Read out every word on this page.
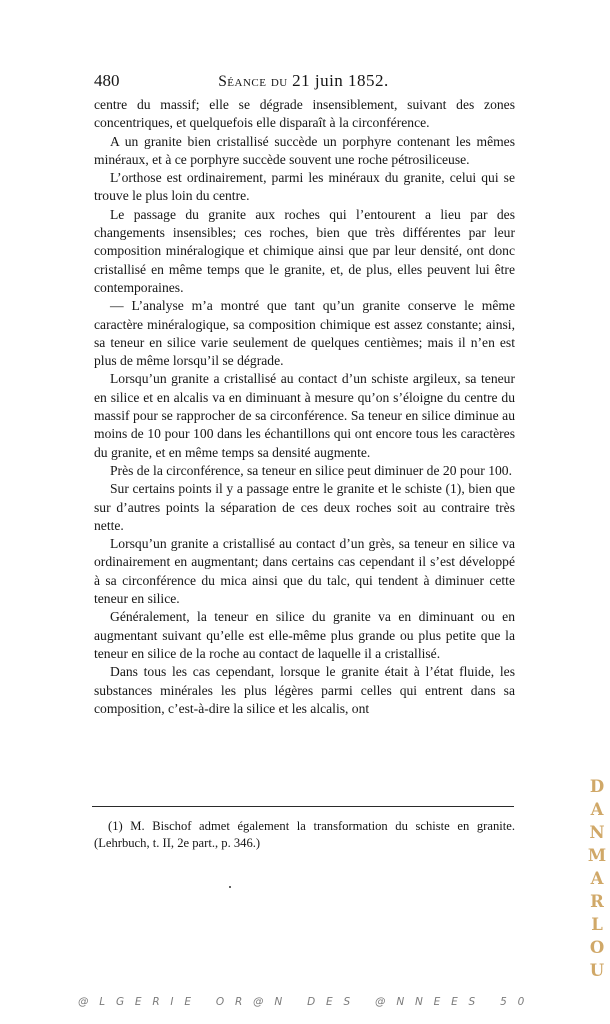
480	Séance du 21 juin 1852.

centre du massif; elle se dégrade insensiblement, suivant des zones concentriques, et quelquefois elle disparaît à la circonférence.

A un granite bien cristallisé succède un porphyre contenant les mêmes minéraux, et à ce porphyre succède souvent une roche pétrosiliceuse.

L’orthose est ordinairement, parmi les minéraux du granite, celui qui se trouve le plus loin du centre.

Le passage du granite aux roches qui l’entourent a lieu par des changements insensibles; ces roches, bien que très différentes par leur composition minéralogique et chimique ainsi que par leur densité, ont donc cristallisé en même temps que le granite, et, de plus, elles peuvent lui être contemporaines.

— L’analyse m’a montré que tant qu’un granite conserve le même caractère minéralogique, sa composition chimique est assez constante; ainsi, sa teneur en silice varie seulement de quelques centièmes; mais il n’en est plus de même lorsqu’il se dégrade.

Lorsqu’un granite a cristallisé au contact d’un schiste argileux, sa teneur en silice et en alcalis va en diminuant à mesure qu’on s’éloigne du centre du massif pour se rapprocher de sa circonférence. Sa teneur en silice diminue au moins de 10 pour 100 dans les échantillons qui ont encore tous les caractères du granite, et en même temps sa densité augmente.

Près de la circonférence, sa teneur en silice peut diminuer de 20 pour 100.

Sur certains points il y a passage entre le granite et le schiste (1), bien que sur d’autres points la séparation de ces deux roches soit au contraire très nette.

Lorsqu’un granite a cristallisé au contact d’un grès, sa teneur en silice va ordinairement en augmentant; dans certains cas cependant il s’est développé à sa circonférence du mica ainsi que du talc, qui tendent à diminuer cette teneur en silice.

Généralement, la teneur en silice du granite va en diminuant ou en augmentant suivant qu’elle est elle-même plus grande ou plus petite que la teneur en silice de la roche au contact de laquelle il a cristallisé.

Dans tous les cas cependant, lorsque le granite était à l’état fluide, les substances minérales les plus légères parmi celles qui entrent dans sa composition, c’est-à-dire la silice et les alcalis, ont

(1) M. Bischof admet également la transformation du schiste en granite. (Lehrbuch, t. II, 2e part., p. 346.)

@LGERIE OR@N DES @NNEES 50
D
A
N
M
A
R
L
O
U
